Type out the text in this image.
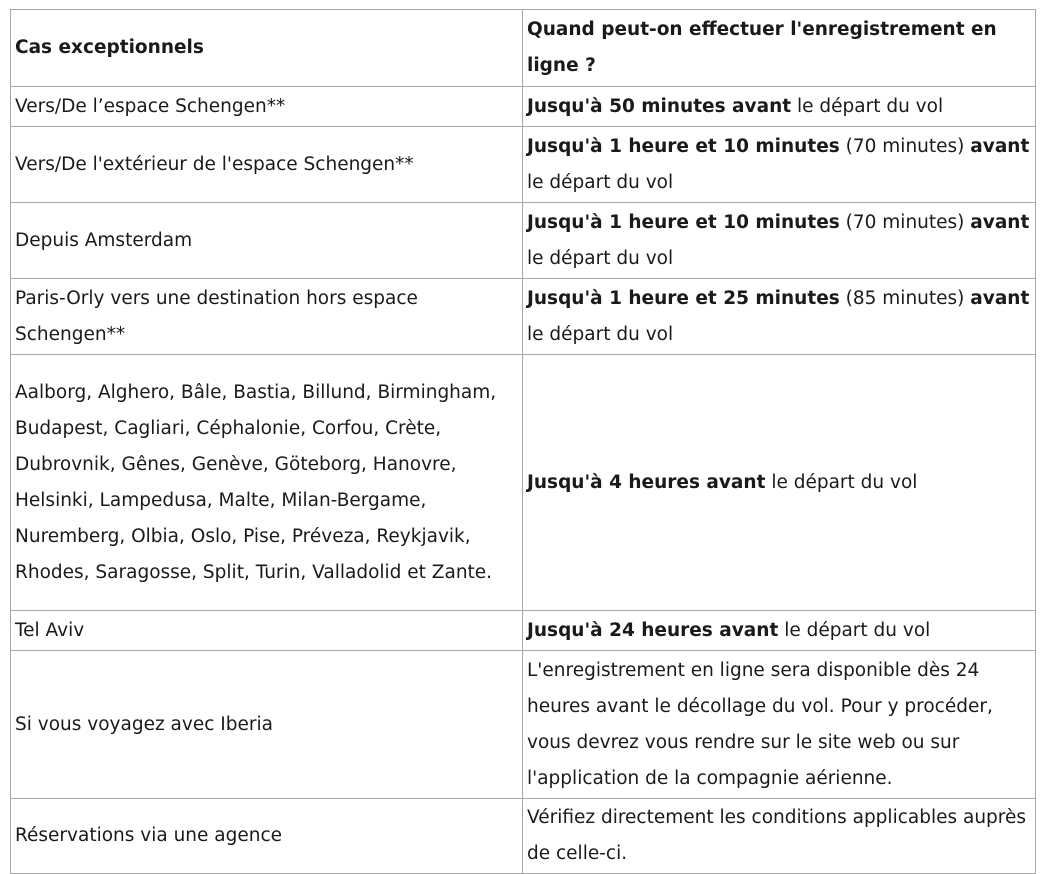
Cas exceptionnels	Quand peut-on effectuer l'enregistrement en ligne ?
Vers/De l’espace Schengen**	Jusqu'à 50 minutes avant le départ du vol
Vers/De l'extérieur de l'espace Schengen**	Jusqu'à 1 heure et 10 minutes (70 minutes) avant le départ du vol
Depuis Amsterdam	Jusqu'à 1 heure et 10 minutes (70 minutes) avant le départ du vol
Paris-Orly vers une destination hors espace Schengen**	Jusqu'à 1 heure et 25 minutes (85 minutes) avant le départ du vol
Aalborg, Alghero, Bâle, Bastia, Billund, Birmingham, Budapest, Cagliari, Céphalonie, Corfou, Crète, Dubrovnik, Gênes, Genève, Göteborg, Hanovre, Helsinki, Lampedusa, Malte, Milan-Bergame, Nuremberg, Olbia, Oslo, Pise, Préveza, Reykjavik, Rhodes, Saragosse, Split, Turin, Valladolid et Zante.	Jusqu'à 4 heures avant le départ du vol
Tel Aviv	Jusqu'à 24 heures avant le départ du vol
Si vous voyagez avec Iberia	L'enregistrement en ligne sera disponible dès 24 heures avant le décollage du vol. Pour y procéder, vous devrez vous rendre sur le site web ou sur l'application de la compagnie aérienne.
Réservations via une agence	Vérifiez directement les conditions applicables auprès de celle-ci.
